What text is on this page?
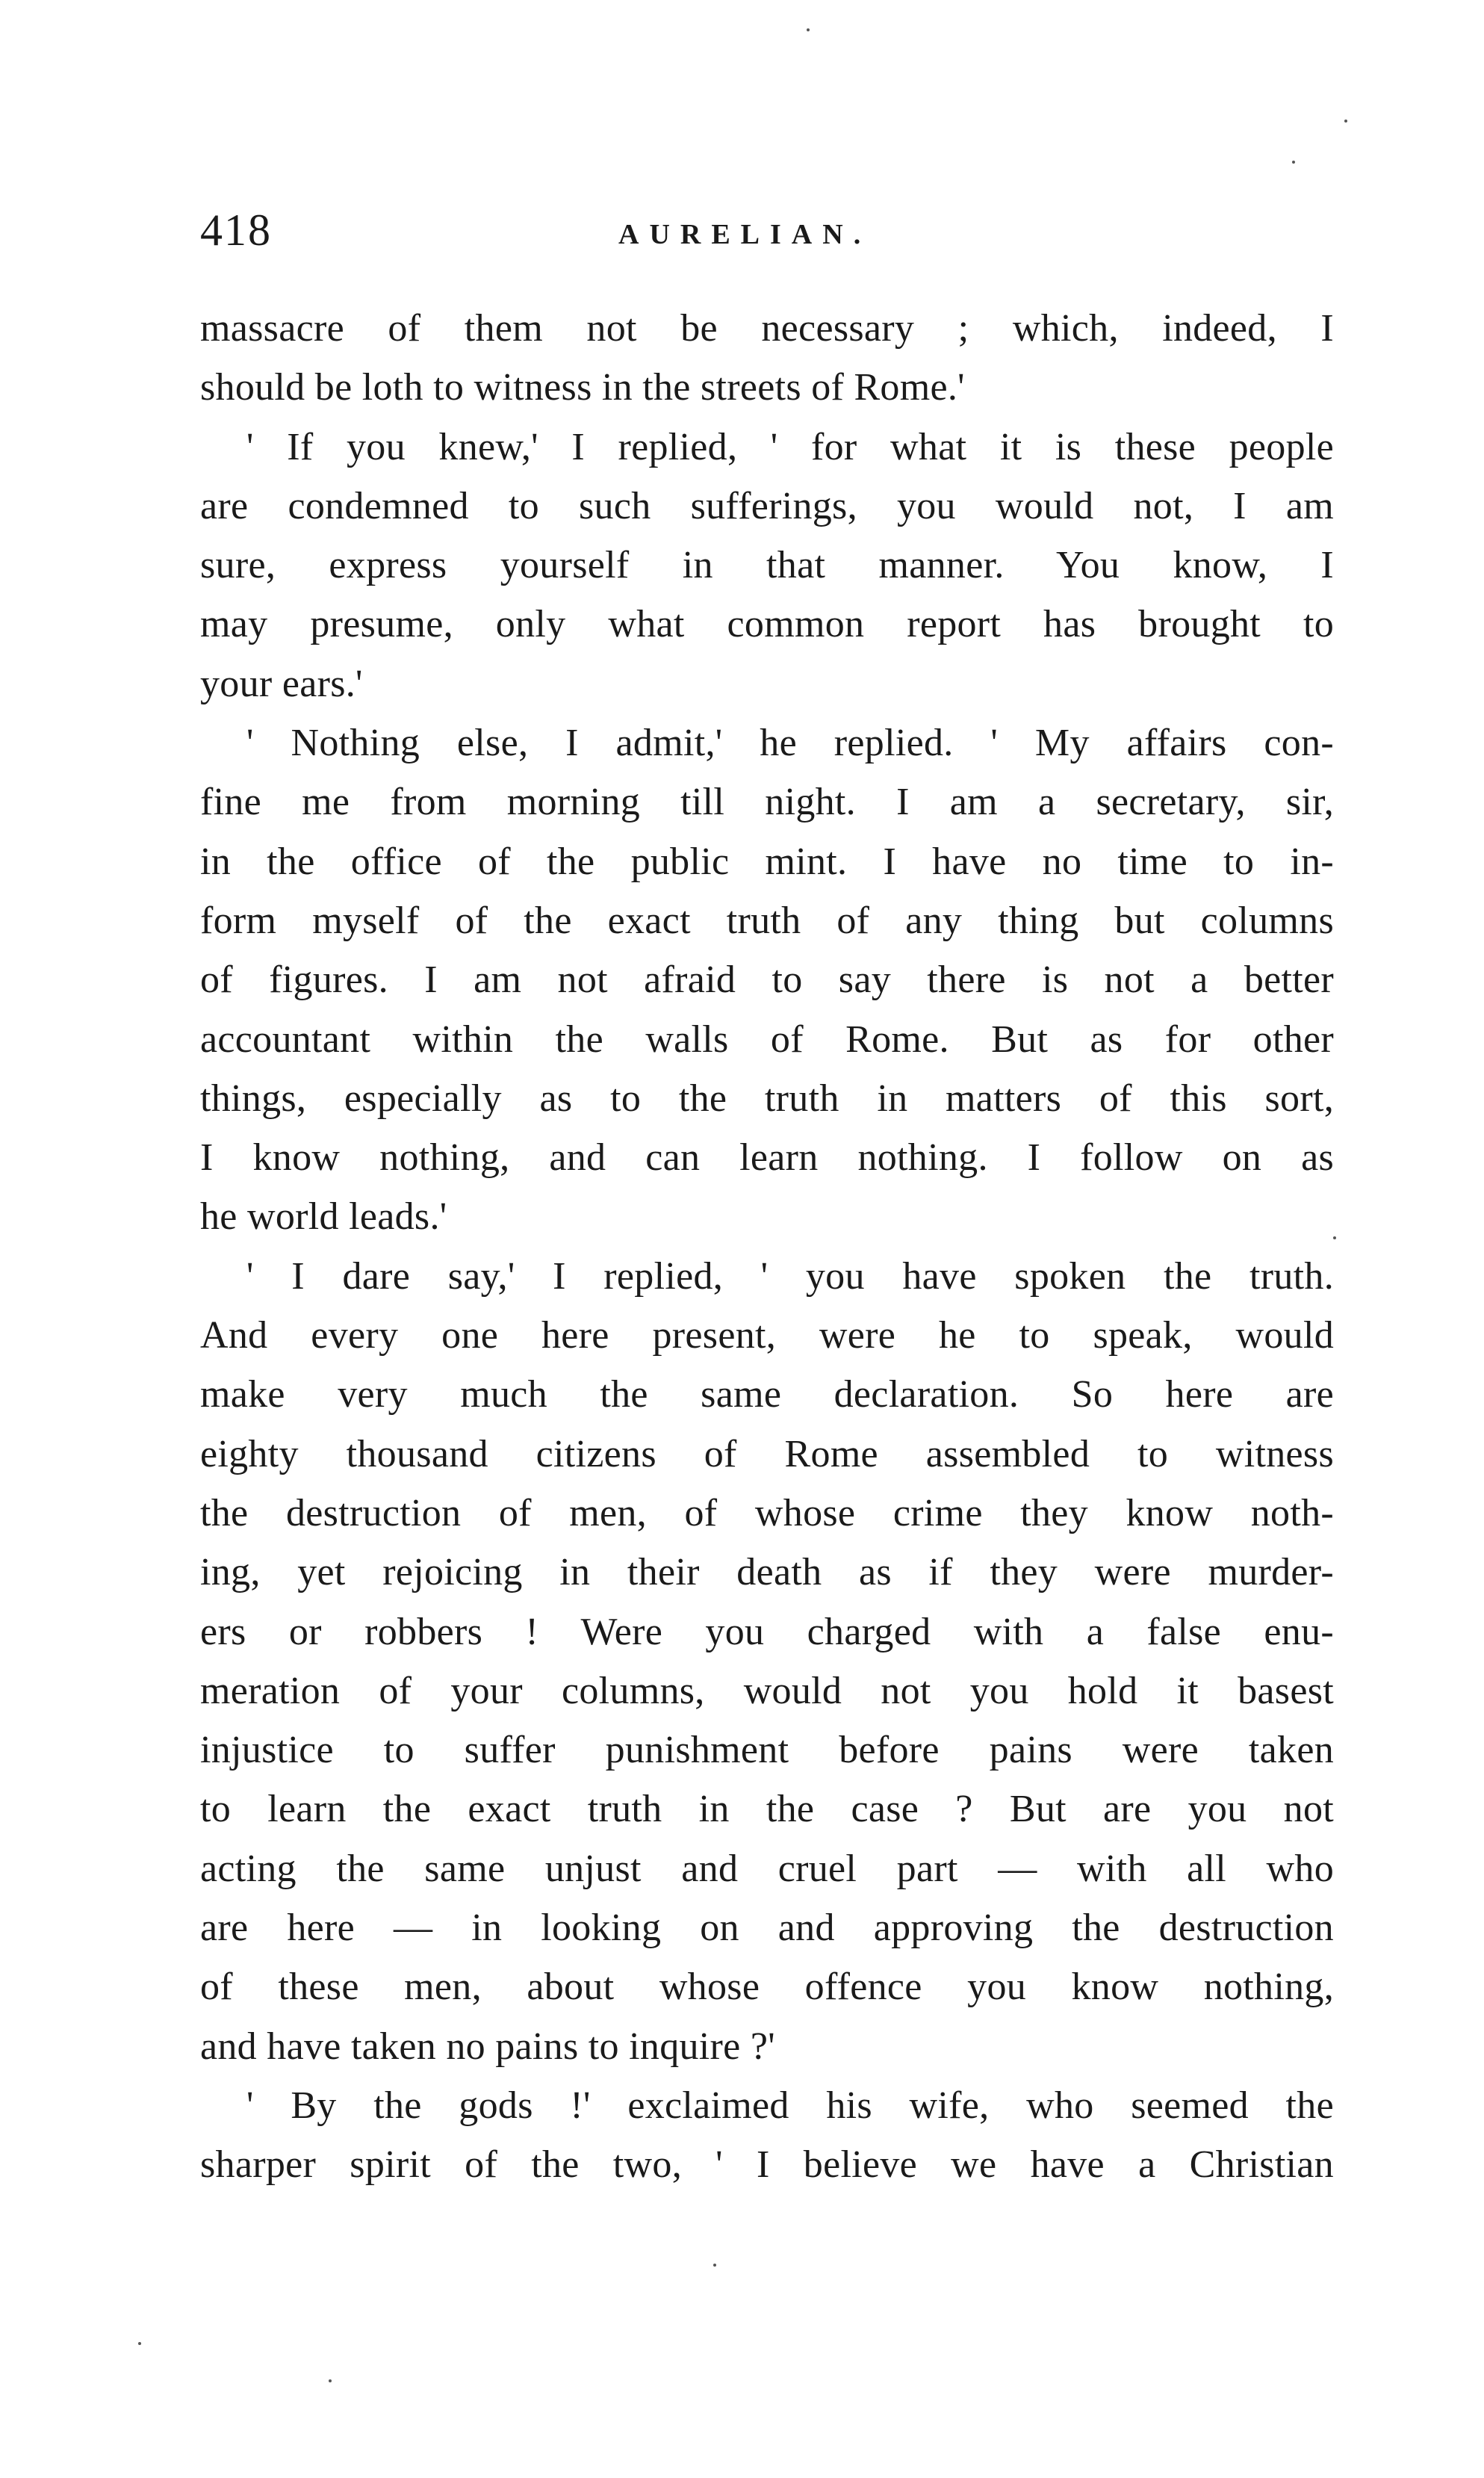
418	AURELIAN.
massacre of them not be necessary ; which, indeed, I
should be loth to witness in the streets of Rome.'
' If you knew,' I replied, ' for what it is these people
are condemned to such sufferings, you would not, I am
sure, express yourself in that manner. You know, I
may presume, only what common report has brought to
your ears.'
' Nothing else, I admit,' he replied. ' My affairs con-
fine me from morning till night. I am a secretary, sir,
in the office of the public mint. I have no time to in-
form myself of the exact truth of any thing but columns
of figures. I am not afraid to say there is not a better
accountant within the walls of Rome. But as for other
things, especially as to the truth in matters of this sort,
I know nothing, and can learn nothing. I follow on as
he world leads.'
' I dare say,' I replied, ' you have spoken the truth.
And every one here present, were he to speak, would
make very much the same declaration. So here are
eighty thousand citizens of Rome assembled to witness
the destruction of men, of whose crime they know noth-
ing, yet rejoicing in their death as if they were murder-
ers or robbers ! Were you charged with a false enu-
meration of your columns, would not you hold it basest
injustice to suffer punishment before pains were taken
to learn the exact truth in the case ? But are you not
acting the same unjust and cruel part — with all who
are here — in looking on and approving the destruction
of these men, about whose offence you know nothing,
and have taken no pains to inquire ?'
' By the gods !' exclaimed his wife, who seemed the
sharper spirit of the two, ' I believe we have a Christian
